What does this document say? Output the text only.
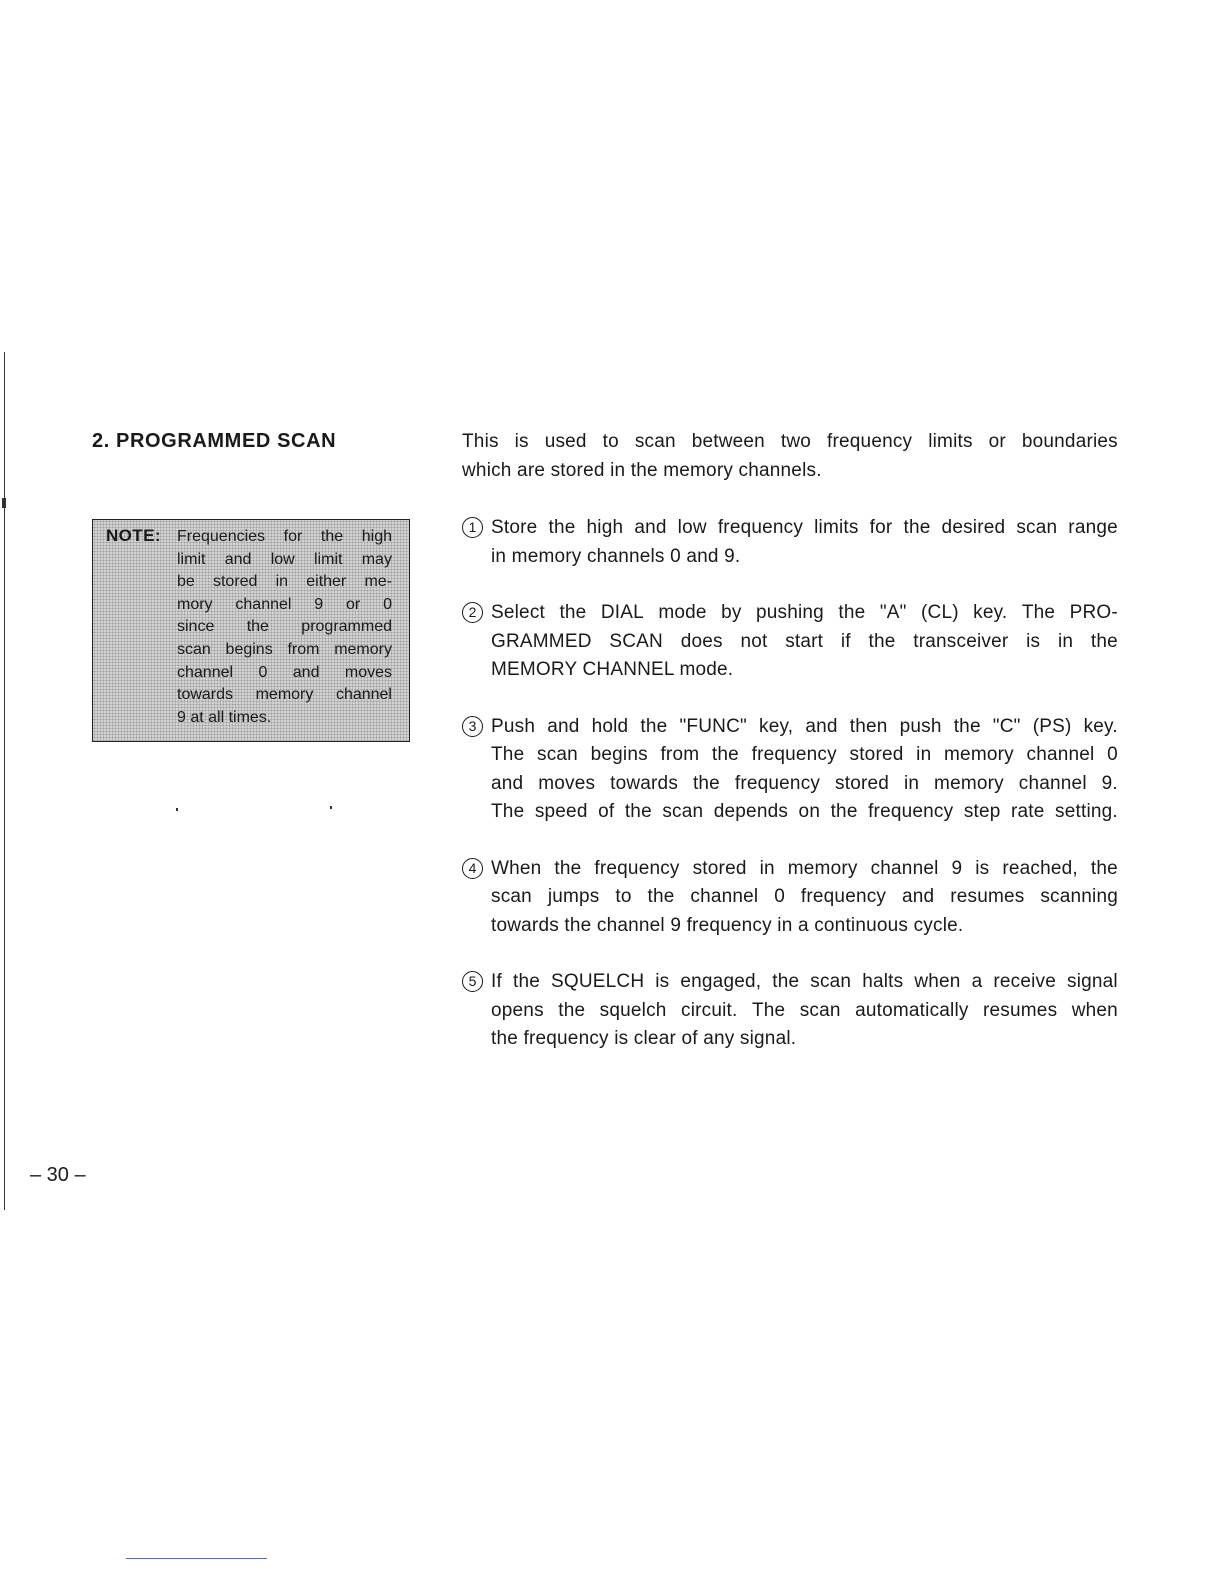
2. PROGRAMMED SCAN
NOTE: Frequencies for the high
limit and low limit may
be stored in either me-
mory channel 9 or 0
since the programmed
scan begins from memory
channel 0 and moves
towards memory channel
9 at all times.
This is used to scan between two frequency limits or boundaries
which are stored in the memory channels.
1 Store the high and low frequency limits for the desired scan range
in memory channels 0 and 9.
2 Select the DIAL mode by pushing the "A" (CL) key. The PRO-
GRAMMED SCAN does not start if the transceiver is in the
MEMORY CHANNEL mode.
3 Push and hold the "FUNC" key, and then push the "C" (PS) key.
The scan begins from the frequency stored in memory channel 0
and moves towards the frequency stored in memory channel 9.
The speed of the scan depends on the frequency step rate setting.
4 When the frequency stored in memory channel 9 is reached, the
scan jumps to the channel 0 frequency and resumes scanning
towards the channel 9 frequency in a continuous cycle.
5 If the SQUELCH is engaged, the scan halts when a receive signal
opens the squelch circuit. The scan automatically resumes when
the frequency is clear of any signal.
– 30 –
